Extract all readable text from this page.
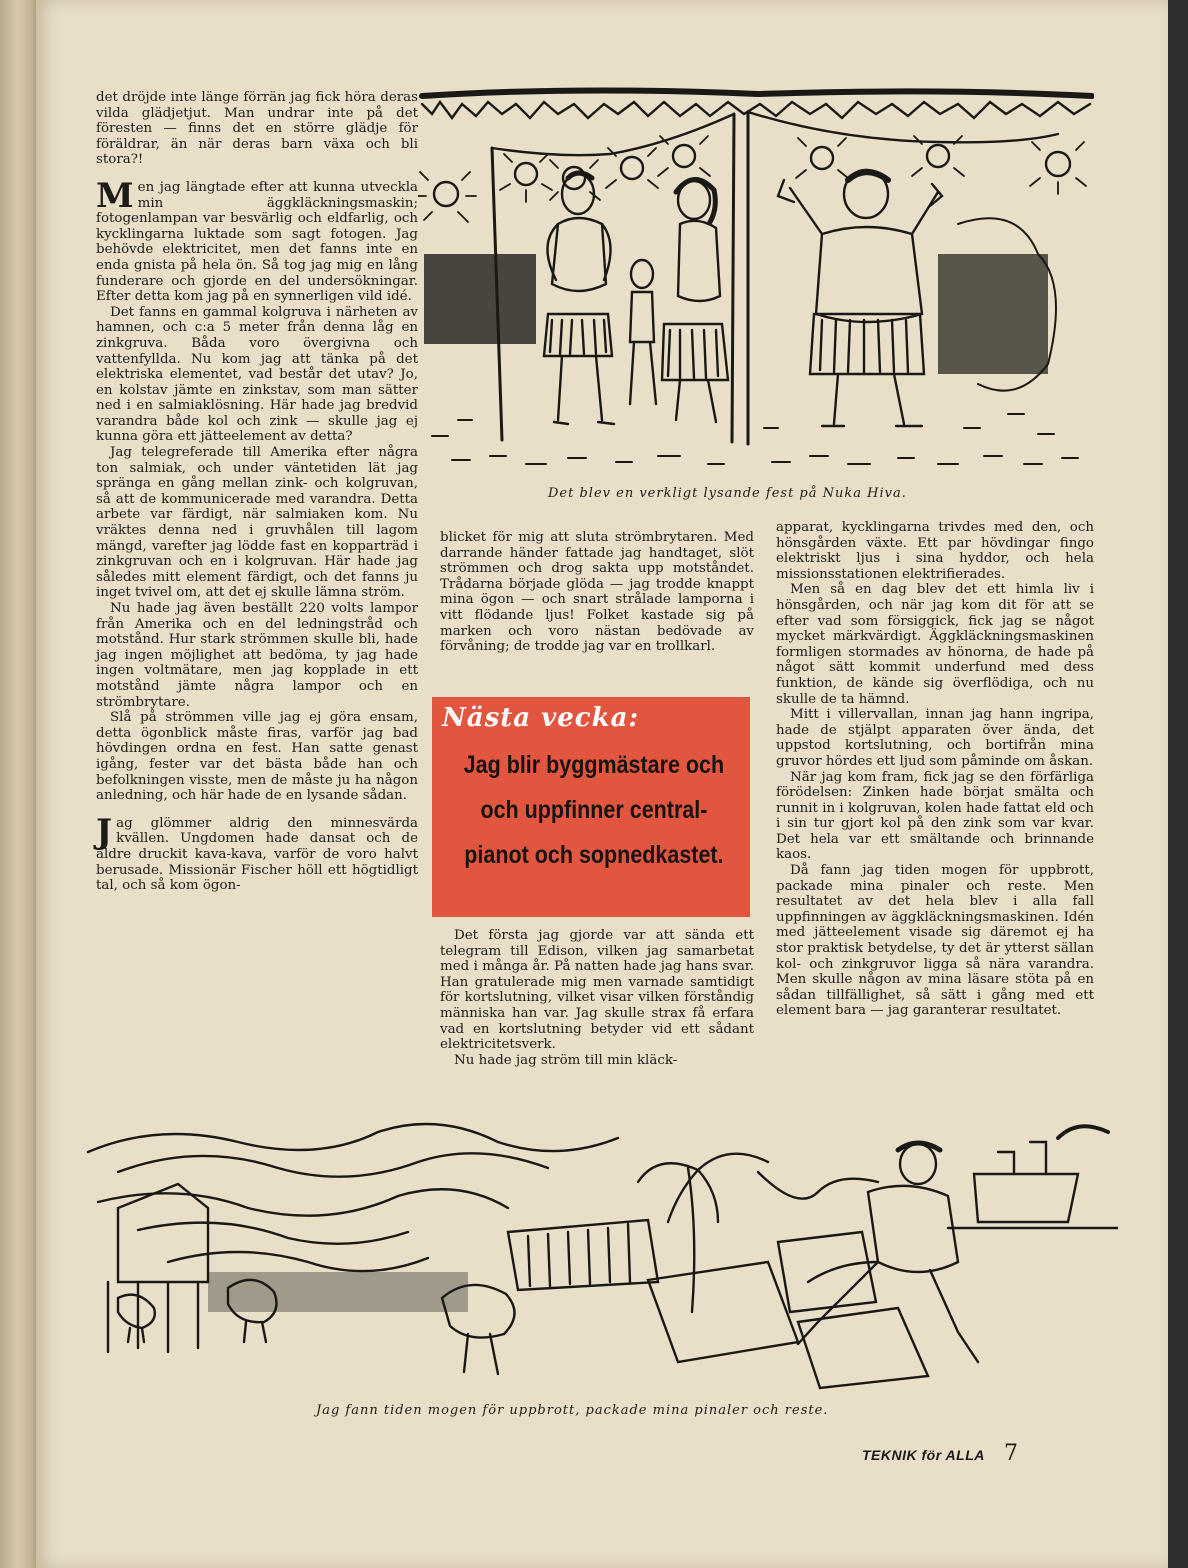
det dröjde inte länge förrän jag fick höra deras vilda glädjetjut. Man undrar inte på det föresten — finns det en större glädje för föräldrar, än när deras barn växa och bli stora?!

Men jag längtade efter att kunna utveckla min äggkläckningsmaskin; fotogenlampan var besvärlig och eldfarlig, och kycklingarna luktade som sagt fotogen. Jag behövde elektricitet, men det fanns inte en enda gnista på hela ön. Så tog jag mig en lång funderare och gjorde en del undersökningar. Efter detta kom jag på en synnerligen vild idé.

Det fanns en gammal kolgruva i närheten av hamnen, och c:a 5 meter från denna låg en zinkgruva. Båda voro övergivna och vattenfyllda. Nu kom jag att tänka på det elektriska elementet, vad består det utav? Jo, en kolstav jämte en zinkstav, som man sätter ned i en salmiaklösning. Här hade jag bredvid varandra både kol och zink — skulle jag ej kunna göra ett jätteelement av detta?

Jag telegreferade till Amerika efter några ton salmiak, och under väntetiden lät jag spränga en gång mellan zink- och kolgruvan, så att de kommunicerade med varandra. Detta arbete var färdigt, när salmiaken kom. Nu vräktes denna ned i gruvhålen till lagom mängd, varefter jag lödde fast en kopparträd i zinkgruvan och en i kolgruvan. Här hade jag således mitt element färdigt, och det fanns ju inget tvivel om, att det ej skulle lämna ström.

Nu hade jag även beställt 220 volts lampor från Amerika och en del ledningstråd och motstånd. Hur stark strömmen skulle bli, hade jag ingen möjlighet att bedöma, ty jag hade ingen voltmätare, men jag kopplade in ett motstånd jämte några lampor och en strömbrytare.

Slå på strömmen ville jag ej göra ensam, detta ögonblick måste firas, varför jag bad hövdingen ordna en fest. Han satte genast igång, fester var det bästa både han och befolkningen visste, men de måste ju ha någon anledning, och här hade de en lysande sådan.

Jag glömmer aldrig den minnesvärda kvällen. Ungdomen hade dansat och de äldre druckit kava-kava, varför de voro halvt berusade. Missionär Fischer höll ett högtidligt tal, och så kom ögon-

Det blev en verkligt lysande fest på Nuka Hiva.

blicket för mig att sluta strömbrytaren. Med darrande händer fattade jag handtaget, slöt strömmen och drog sakta upp motståndet. Trådarna började glöda — jag trodde knappt mina ögon — och snart strålade lamporna i vitt flödande ljus! Folket kastade sig på marken och voro nästan bedövade av förvåning; de trodde jag var en trollkarl.

Nästa vecka:
Jag blir byggmästare och
och uppfinner central-
pianot och sopnedkastet.

Det första jag gjorde var att sända ett telegram till Edison, vilken jag samarbetat med i många år. På natten hade jag hans svar. Han gratulerade mig men varnade samtidigt för kortslutning, vilket visar vilken förståndig människa han var. Jag skulle strax få erfara vad en kortslutning betyder vid ett sådant elektricitetsverk.

Nu hade jag ström till min kläck-

apparat, kycklingarna trivdes med den, och hönsgården växte. Ett par hövdingar fingo elektriskt ljus i sina hyddor, och hela missionsstationen elektrifierades.

Men så en dag blev det ett himla liv i hönsgården, och när jag kom dit för att se efter vad som försiggick, fick jag se något mycket märkvärdigt. Äggkläckningsmaskinen formligen stormades av hönorna, de hade på något sätt kommit underfund med dess funktion, de kände sig överflödiga, och nu skulle de ta hämnd.

Mitt i villervallan, innan jag hann ingripa, hade de stjälpt apparaten över ända, det uppstod kortslutning, och bortifrån mina gruvor hördes ett ljud som påminde om åskan.

När jag kom fram, fick jag se den förfärliga förödelsen: Zinken hade börjat smälta och runnit in i kolgruvan, kolen hade fattat eld och i sin tur gjort kol på den zink som var kvar. Det hela var ett smältande och brinnande kaos.

Då fann jag tiden mogen för uppbrott, packade mina pinaler och reste. Men resultatet av det hela blev i alla fall uppfinningen av äggkläckningsmaskinen. Idén med jätteelement visade sig däremot ej ha stor praktisk betydelse, ty det är ytterst sällan kol- och zinkgruvor ligga så nära varandra. Men skulle någon av mina läsare stöta på en sådan tillfällighet, så sätt i gång med ett element bara — jag garanterar resultatet.

Jag fann tiden mogen för uppbrott, packade mina pinaler och reste.
TEKNIK för ALLA 7
